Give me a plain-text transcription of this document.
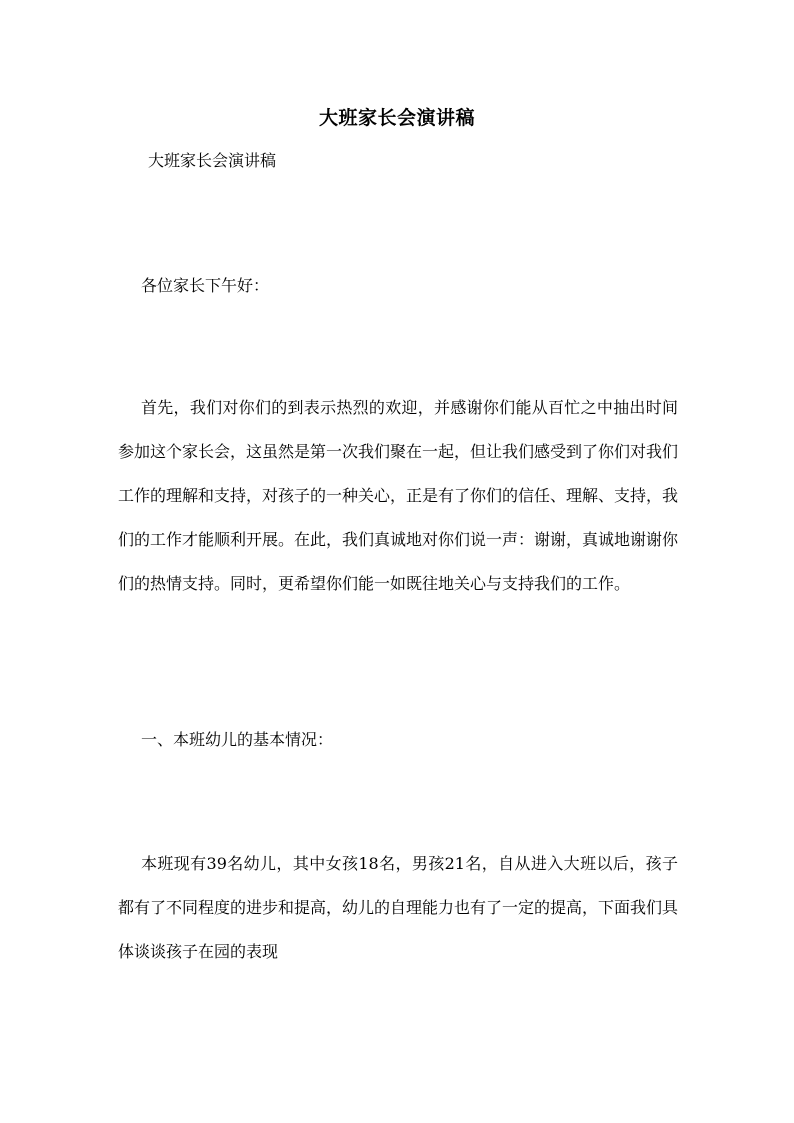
大班家长会演讲稿
大班家长会演讲稿

各位家长下午好：

首先，我们对你们的到表示热烈的欢迎，并感谢你们能从百忙之中抽出时间参加这个家长会，这虽然是第一次我们聚在一起，但让我们感受到了你们对我们工作的理解和支持，对孩子的一种关心，正是有了你们的信任、理解、支持，我们的工作才能顺利开展。在此，我们真诚地对你们说一声：谢谢，真诚地谢谢你们的热情支持。同时，更希望你们能一如既往地关心与支持我们的工作。

一、本班幼儿的基本情况：

本班现有39名幼儿，其中女孩18名，男孩21名，自从进入大班以后，孩子都有了不同程度的进步和提高，幼儿的自理能力也有了一定的提高，下面我们具体谈谈孩子在园的表现
